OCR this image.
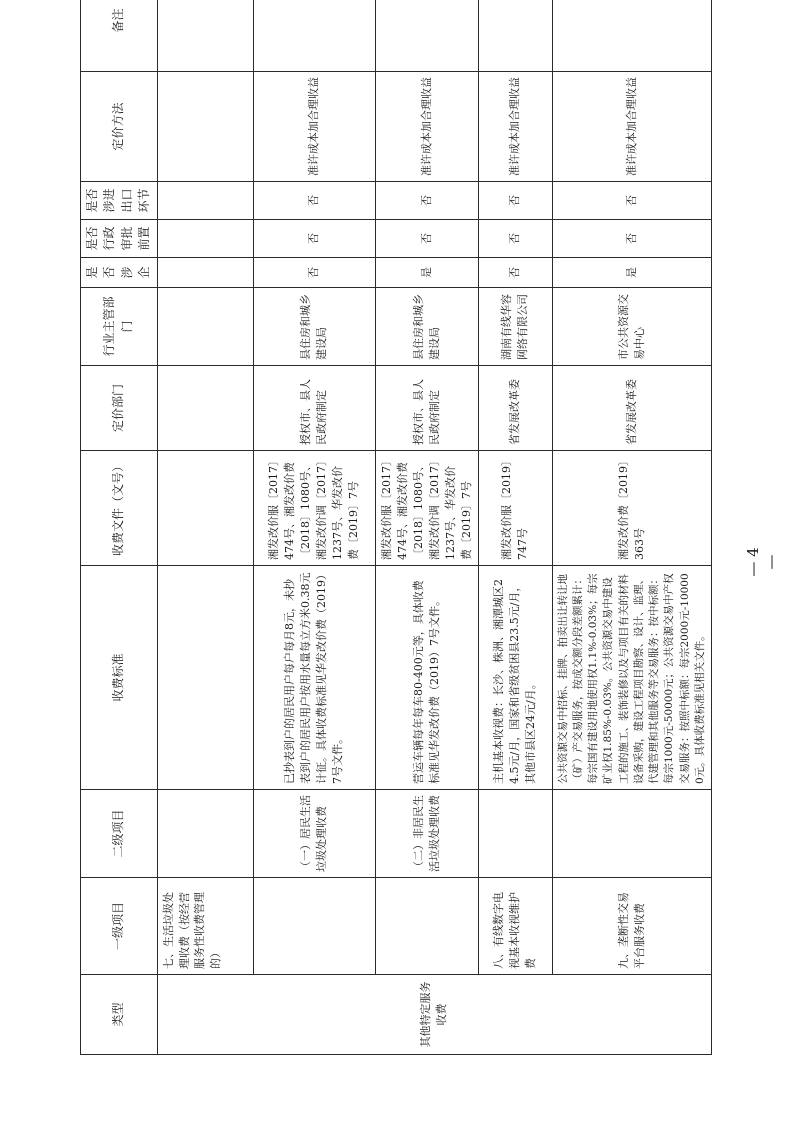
类型	一级项目	二级项目	收费标准	收费文件（文号）	定价部门	行业主管部门	是否涉企	是否行政审批前置	是否涉进出口环节	定价方法	备注
其他特定服务收费	七、生活垃圾处理收费（按经营服务性收费管理的）										
		（一）居民生活垃圾处理收费	已抄表到户的居民用户每户每月8元，未抄表到户的居民用户按用水量每立方米0.38元计征。具体收费标准见华发改价费（2019）7号文件。	湘发改价服〔2017〕474号、湘发改价费〔2018〕1080号、湘发改价调〔2017〕1237号、华发改价费〔2019〕7号	授权市、县人民政府制定	县住房和城乡建设局	否	否	否	准许成本加合理收益	
		（二）非居民生活垃圾处理收费	营运车辆每年每车80-400元等，具体收费标准见华发改价费（2019）7号文件。	湘发改价服〔2017〕474号、湘发改价费〔2018〕1080号、湘发改价调〔2017〕1237号、华发改价费〔2019〕7号	授权市、县人民政府制定	县住房和城乡建设局	是	否	否	准许成本加合理收益	
	八、有线数字电视基本收视维护费		主机基本收视费：长沙、株洲、湘潭城区24.5元/月，国家和省级贫困县23.5元/月，其他市县区24元/月。	湘发改价服〔2019〕747号	省发展改革委	湖南有线华容网络有限公司	否	否	否	准许成本加合理收益	
	九、垄断性交易平台服务收费		公共资源交易中招标、挂牌、拍卖出让转让地（矿）产交易服务，按成交额分段差额累计：每宗国有建设用地使用权1.1%-0.03%；每宗矿业权1.85%-0.03%。公共资源交易中建设工程的施工、装饰装修以及与项目有关的材料设备采购，建设工程项目勘察、设计、监理、代建管理和其他服务等交易服务：按中标额：每宗1000元-50000元；公共资源交易中产权交易服务：按照中标额：每宗2000元-100000元。具体收费标准见相关文件。	湘发改价费〔2019〕363号	省发展改革委	市公共资源交易中心	是	否	否	准许成本加合理收益	
— 4 —
